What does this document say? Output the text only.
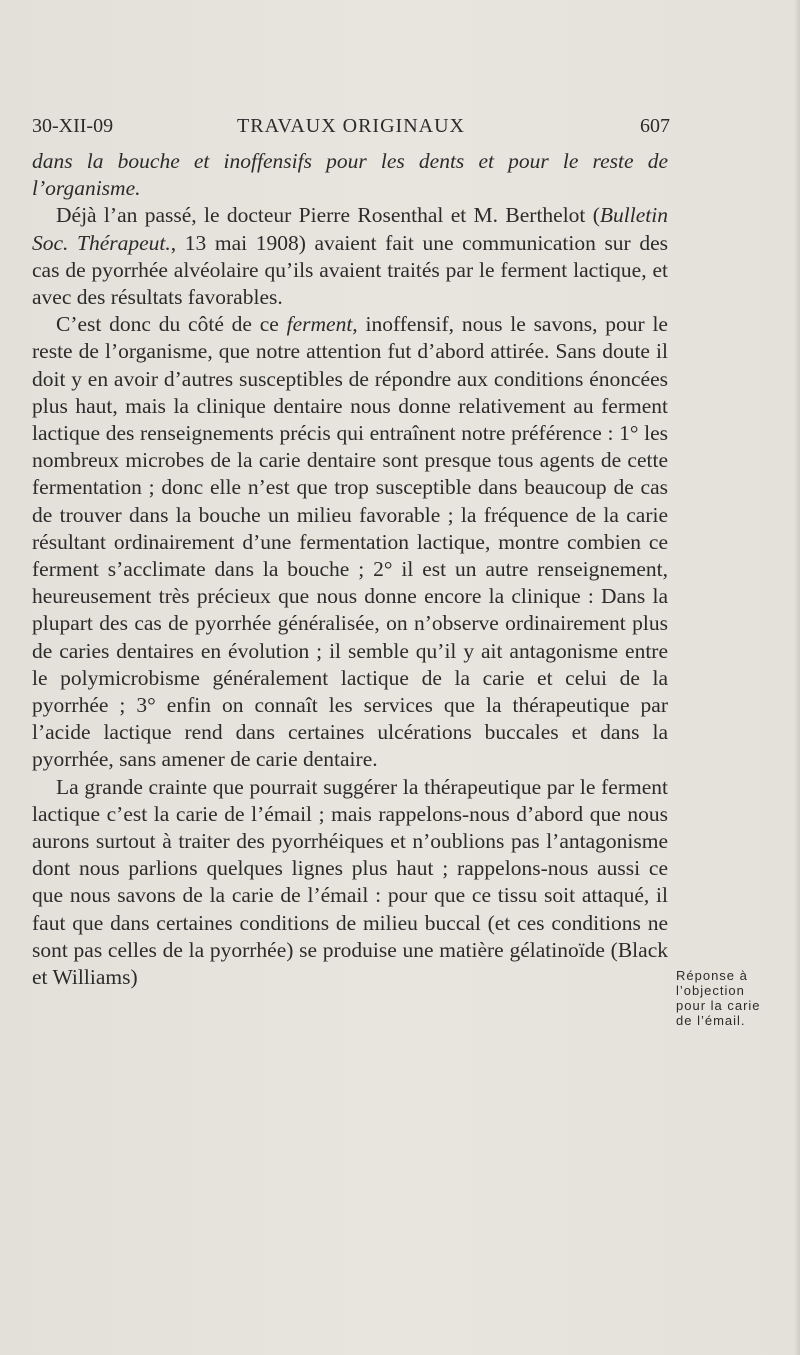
30-XII-09	TRAVAUX ORIGINAUX	607

dans la bouche et inoffensifs pour les dents et pour le reste de l’organisme.

Déjà l’an passé, le docteur Pierre Rosenthal et M. Berthelot (Bulletin Soc. Thérapeut., 13 mai 1908) avaient fait une communication sur des cas de pyorrhée alvéolaire qu’ils avaient traités par le ferment lactique, et avec des résultats favorables.

C’est donc du côté de ce ferment, inoffensif, nous le savons, pour le reste de l’organisme, que notre attention fut d’abord attirée. Sans doute il doit y en avoir d’autres susceptibles de répondre aux conditions énoncées plus haut, mais la clinique dentaire nous donne relativement au ferment lactique des renseignements précis qui entraînent notre préférence : 1° les nombreux microbes de la carie dentaire sont presque tous agents de cette fermentation ; donc elle n’est que trop susceptible dans beaucoup de cas de trouver dans la bouche un milieu favorable ; la fréquence de la carie résultant ordinairement d’une fermentation lactique, montre combien ce ferment s’acclimate dans la bouche ; 2° il est un autre renseignement, heureusement très précieux que nous donne encore la clinique : Dans la plupart des cas de pyorrhée généralisée, on n’observe ordinairement plus de caries dentaires en évolution ; il semble qu’il y ait antagonisme entre le polymicrobisme généralement lactique de la carie et celui de la pyorrhée ; 3° enfin on connaît les services que la thérapeutique par l’acide lactique rend dans certaines ulcérations buccales et dans la pyorrhée, sans amener de carie dentaire.

La grande crainte que pourrait suggérer la thérapeutique par le ferment lactique c’est la carie de l’émail ; mais rappelons-nous d’abord que nous aurons surtout à traiter des pyorrhéiques et n’oublions pas l’antagonisme dont nous parlions quelques lignes plus haut ; rappelons-nous aussi ce que nous savons de la carie de l’émail : pour que ce tissu soit attaqué, il faut que dans certaines conditions de milieu buccal (et ces conditions ne sont pas celles de la pyorrhée) se produise une matière gélatinoïde (Black et Williams)	Réponse à
l’objection
pour la carie
de l’émail.
